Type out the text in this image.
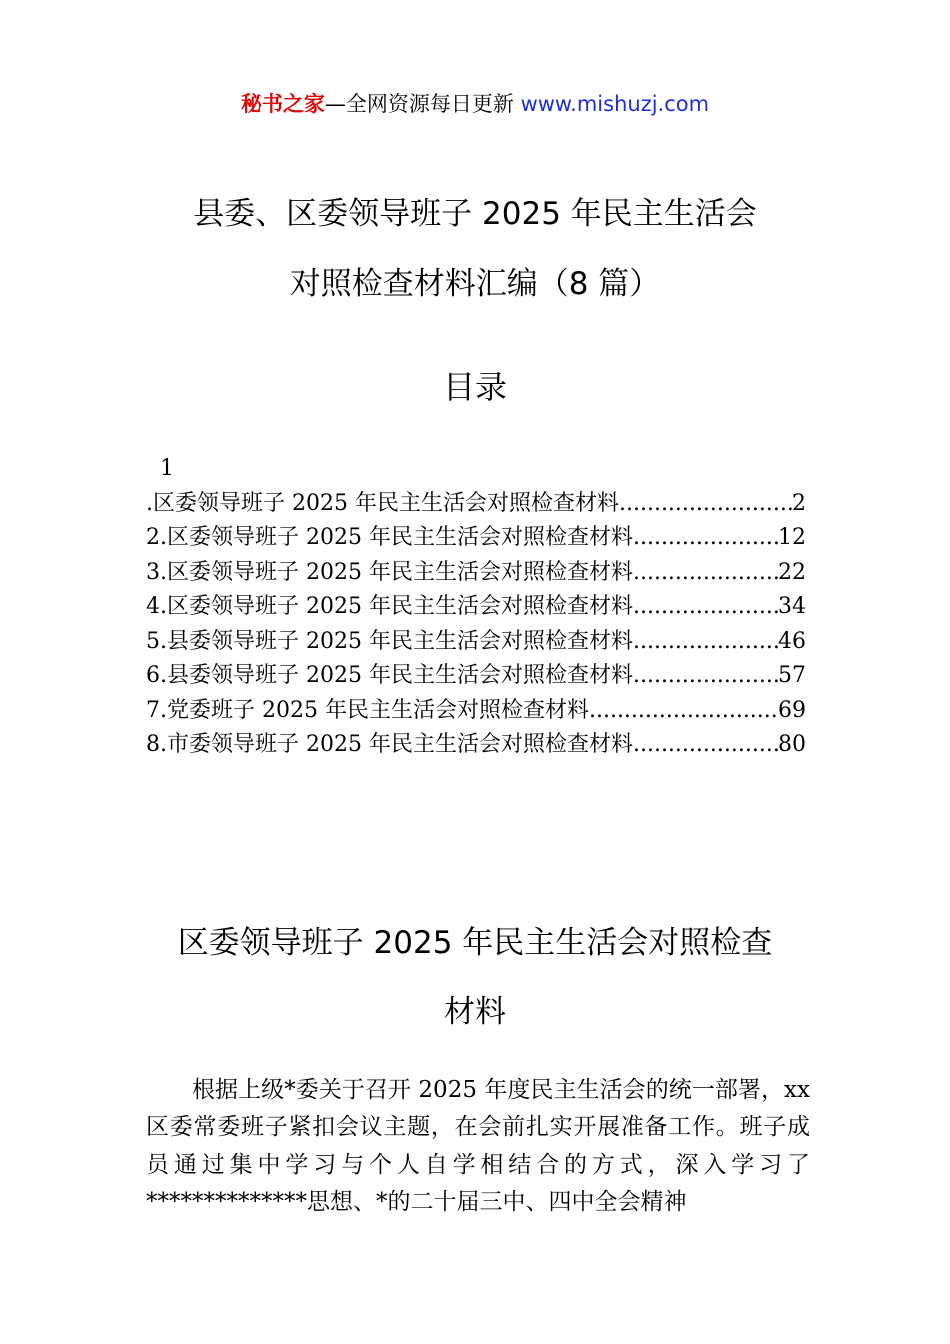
秘书之家—全网资源每日更新 www.mishuzj.com
县委、区委领导班子 2025 年民主生活会
对照检查材料汇编（8 篇）
目录
1
.区委领导班子 2025 年民主生活会对照检查材料 .....	2
2.区委领导班子 2025 年民主生活会对照检查材料 .....	12
3.区委领导班子 2025 年民主生活会对照检查材料 .....	22
4.区委领导班子 2025 年民主生活会对照检查材料 .....	34
5.县委领导班子 2025 年民主生活会对照检查材料 .....	46
6.县委领导班子 2025 年民主生活会对照检查材料 .....	57
7.党委班子 2025 年民主生活会对照检查材料 .....	69
8.市委领导班子 2025 年民主生活会对照检查材料 .....	80
区委领导班子 2025 年民主生活会对照检查
材料
根据上级*委关于召开 2025 年度民主生活会的统一部署，xx 区委常委班子紧扣会议主题，在会前扎实开展准备工作。班子成员通过集中学习与个人自学相结合的方式，深入学习了**************思想、*的二十届三中、四中全会精神
